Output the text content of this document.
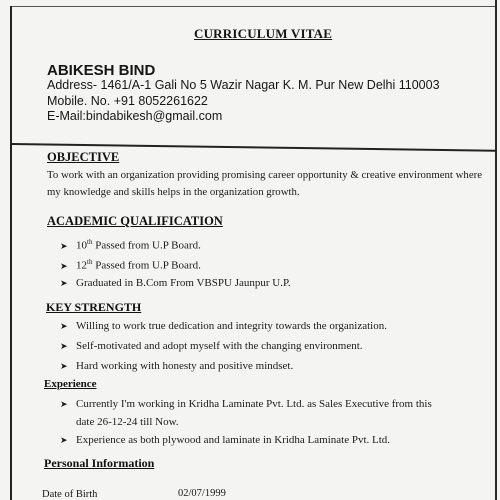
CURRICULUM VITAE
ABIKESH BIND
Address- 1461/A-1 Gali No 5 Wazir Nagar K. M. Pur New Delhi 110003
Mobile. No. +91 8052261622
E-Mail:bindabikesh@gmail.com
OBJECTIVE
To work with an organization providing promising career opportunity & creative environment where my knowledge and skills helps in the organization growth.
ACADEMIC QUALIFICATION
➤ 10th Passed from U.P Board.
➤ 12th Passed from U.P Board.
➤ Graduated in B.Com From VBSPU Jaunpur U.P.
KEY STRENGTH
➤ Willing to work true dedication and integrity towards the organization.
➤ Self-motivated and adopt myself with the changing environment.
➤ Hard working with honesty and positive mindset.
Experience
➤ Currently I'm working in Kridha Laminate Pvt. Ltd. as Sales Executive from this
date 26-12-24 till Now.
➤ Experience as both plywood and laminate in Kridha Laminate Pvt. Ltd.
Personal Information
Date of Birth	02/07/1999
